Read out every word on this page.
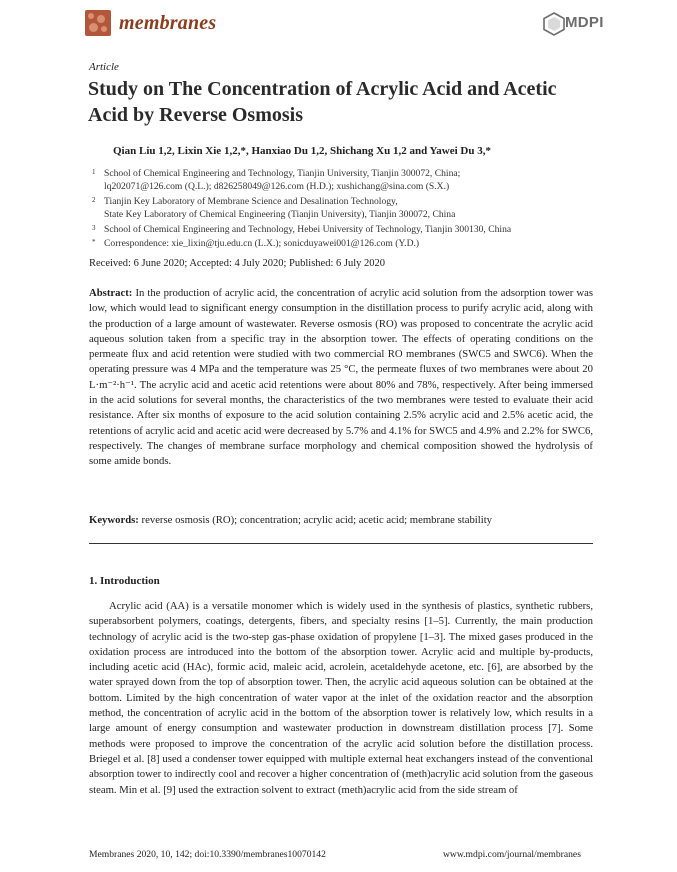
membranes	MDPI
Article
Study on The Concentration of Acrylic Acid and Acetic Acid by Reverse Osmosis
Qian Liu 1,2, Lixin Xie 1,2,*, Hanxiao Du 1,2, Shichang Xu 1,2 and Yawei Du 3,*
1 School of Chemical Engineering and Technology, Tianjin University, Tianjin 300072, China;
lq202071@126.com (Q.L.); d826258049@126.com (H.D.); xushichang@sina.com (S.X.)
2 Tianjin Key Laboratory of Membrane Science and Desalination Technology,
State Key Laboratory of Chemical Engineering (Tianjin University), Tianjin 300072, China
3 School of Chemical Engineering and Technology, Hebei University of Technology, Tianjin 300130, China
* Correspondence: xie_lixin@tju.edu.cn (L.X.); sonicduyawei001@126.com (Y.D.)
Received: 6 June 2020; Accepted: 4 July 2020; Published: 6 July 2020
Abstract: In the production of acrylic acid, the concentration of acrylic acid solution from the adsorption tower was low, which would lead to significant energy consumption in the distillation process to purify acrylic acid, along with the production of a large amount of wastewater. Reverse osmosis (RO) was proposed to concentrate the acrylic acid aqueous solution taken from a specific tray in the absorption tower. The effects of operating conditions on the permeate flux and acid retention were studied with two commercial RO membranes (SWC5 and SWC6). When the operating pressure was 4 MPa and the temperature was 25 °C, the permeate fluxes of two membranes were about 20 L·m⁻²·h⁻¹. The acrylic acid and acetic acid retentions were about 80% and 78%, respectively. After being immersed in the acid solutions for several months, the characteristics of the two membranes were tested to evaluate their acid resistance. After six months of exposure to the acid solution containing 2.5% acrylic acid and 2.5% acetic acid, the retentions of acrylic acid and acetic acid were decreased by 5.7% and 4.1% for SWC5 and 4.9% and 2.2% for SWC6, respectively. The changes of membrane surface morphology and chemical composition showed the hydrolysis of some amide bonds.
Keywords: reverse osmosis (RO); concentration; acrylic acid; acetic acid; membrane stability
1. Introduction
Acrylic acid (AA) is a versatile monomer which is widely used in the synthesis of plastics, synthetic rubbers, superabsorbent polymers, coatings, detergents, fibers, and specialty resins [1–5]. Currently, the main production technology of acrylic acid is the two-step gas-phase oxidation of propylene [1–3]. The mixed gases produced in the oxidation process are introduced into the bottom of the absorption tower. Acrylic acid and multiple by-products, including acetic acid (HAc), formic acid, maleic acid, acrolein, acetaldehyde acetone, etc. [6], are absorbed by the water sprayed down from the top of absorption tower. Then, the acrylic acid aqueous solution can be obtained at the bottom. Limited by the high concentration of water vapor at the inlet of the oxidation reactor and the absorption method, the concentration of acrylic acid in the bottom of the absorption tower is relatively low, which results in a large amount of energy consumption and wastewater production in downstream distillation process [7]. Some methods were proposed to improve the concentration of the acrylic acid solution before the distillation process. Briegel et al. [8] used a condenser tower equipped with multiple external heat exchangers instead of the conventional absorption tower to indirectly cool and recover a higher concentration of (meth)acrylic acid solution from the gaseous steam. Min et al. [9] used the extraction solvent to extract (meth)acrylic acid from the side stream of
Membranes 2020, 10, 142; doi:10.3390/membranes10070142	www.mdpi.com/journal/membranes
